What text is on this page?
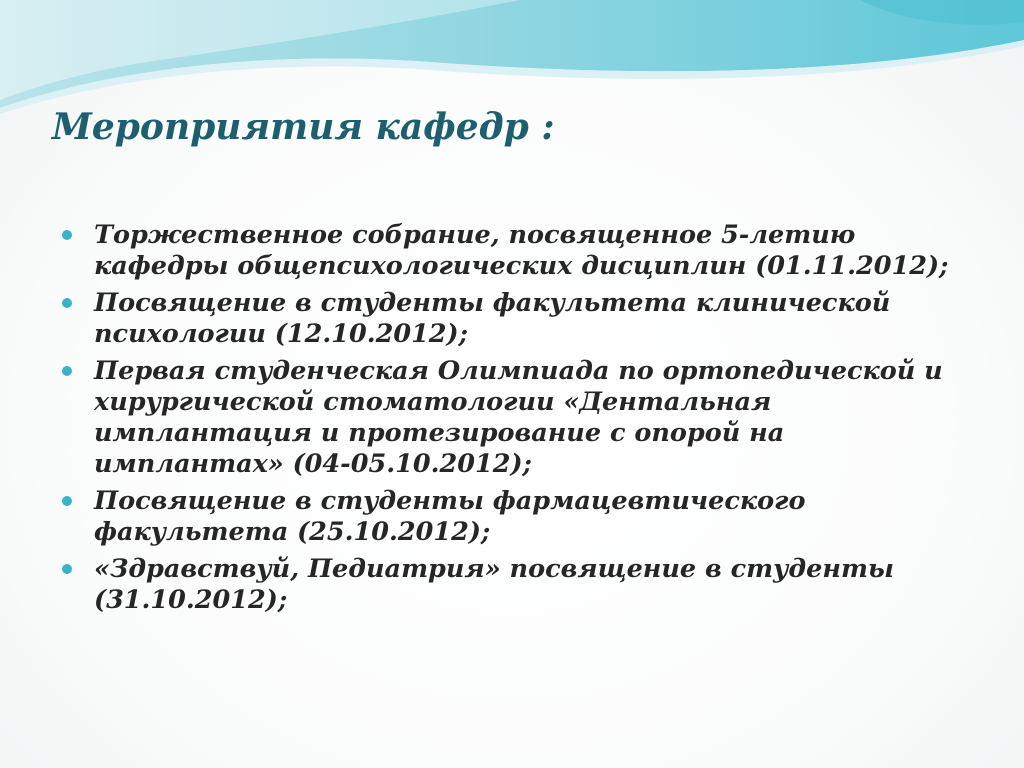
Мероприятия кафедр :
Торжественное собрание, посвященное 5-летию кафедры общепсихологических дисциплин (01.11.2012);
Посвящение в студенты факультета клинической психологии (12.10.2012);
Первая студенческая Олимпиада по ортопедической и хирургической стоматологии «Дентальная имплантация и протезирование с опорой на имплантах» (04-05.10.2012);
Посвящение в студенты фармацевтического факультета (25.10.2012);
«Здравствуй, Педиатрия» посвящение в студенты (31.10.2012);
